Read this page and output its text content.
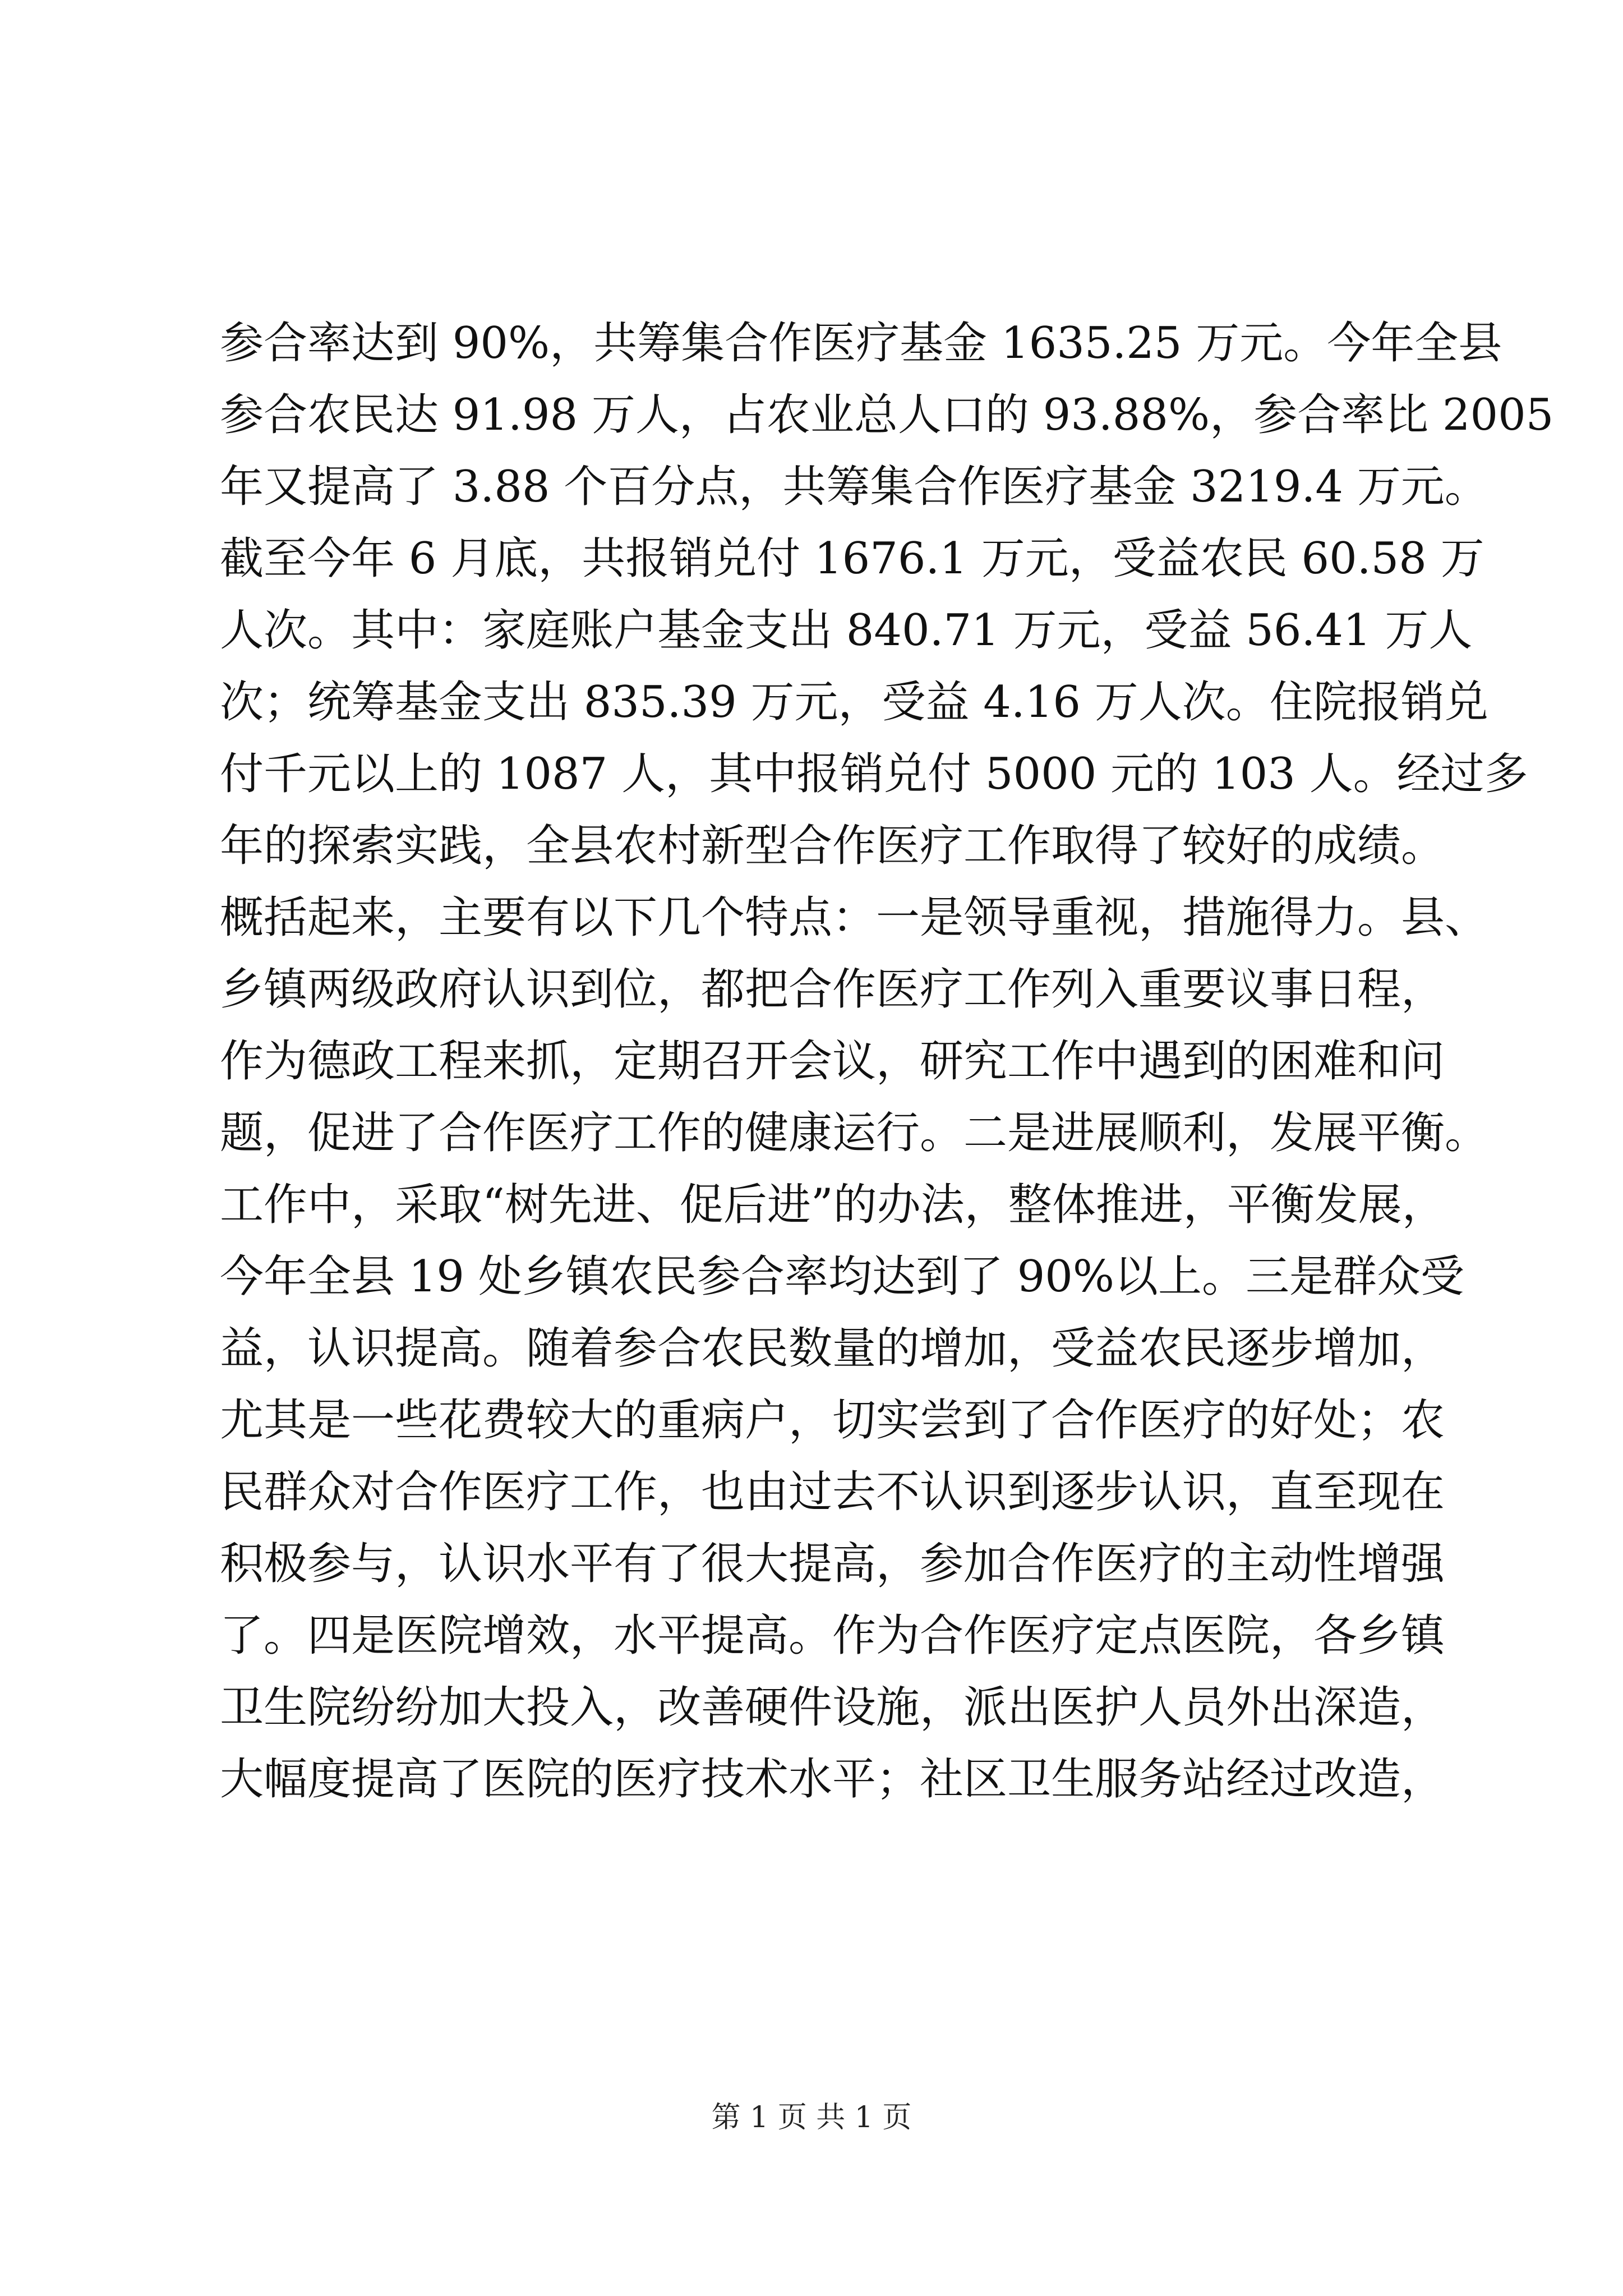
参合率达到 90%，共筹集合作医疗基金 1635.25 万元。今年全县

参合农民达 91.98 万人，占农业总人口的 93.88%，参合率比 2005

年又提高了 3.88 个百分点，共筹集合作医疗基金 3219.4 万元。

截至今年 6 月底，共报销兑付 1676.1 万元，受益农民 60.58 万

人次。其中：家庭账户基金支出 840.71 万元，受益 56.41 万人

次；统筹基金支出 835.39 万元，受益 4.16 万人次。住院报销兑

付千元以上的 1087 人，其中报销兑付 5000 元的 103 人。经过多

年的探索实践，全县农村新型合作医疗工作取得了较好的成绩。

概括起来，主要有以下几个特点：一是领导重视，措施得力。县、

乡镇两级政府认识到位，都把合作医疗工作列入重要议事日程，

作为德政工程来抓，定期召开会议，研究工作中遇到的困难和问

题，促进了合作医疗工作的健康运行。二是进展顺利，发展平衡。

工作中，采取“树先进、促后进”的办法，整体推进，平衡发展，

今年全县 19 处乡镇农民参合率均达到了 90%以上。三是群众受

益，认识提高。随着参合农民数量的增加，受益农民逐步增加，

尤其是一些花费较大的重病户，切实尝到了合作医疗的好处；农

民群众对合作医疗工作，也由过去不认识到逐步认识，直至现在

积极参与，认识水平有了很大提高，参加合作医疗的主动性增强

了。四是医院增效，水平提高。作为合作医疗定点医院，各乡镇

卫生院纷纷加大投入，改善硬件设施，派出医护人员外出深造，

大幅度提高了医院的医疗技术水平；社区卫生服务站经过改造，

第 1 页 共 1 页
